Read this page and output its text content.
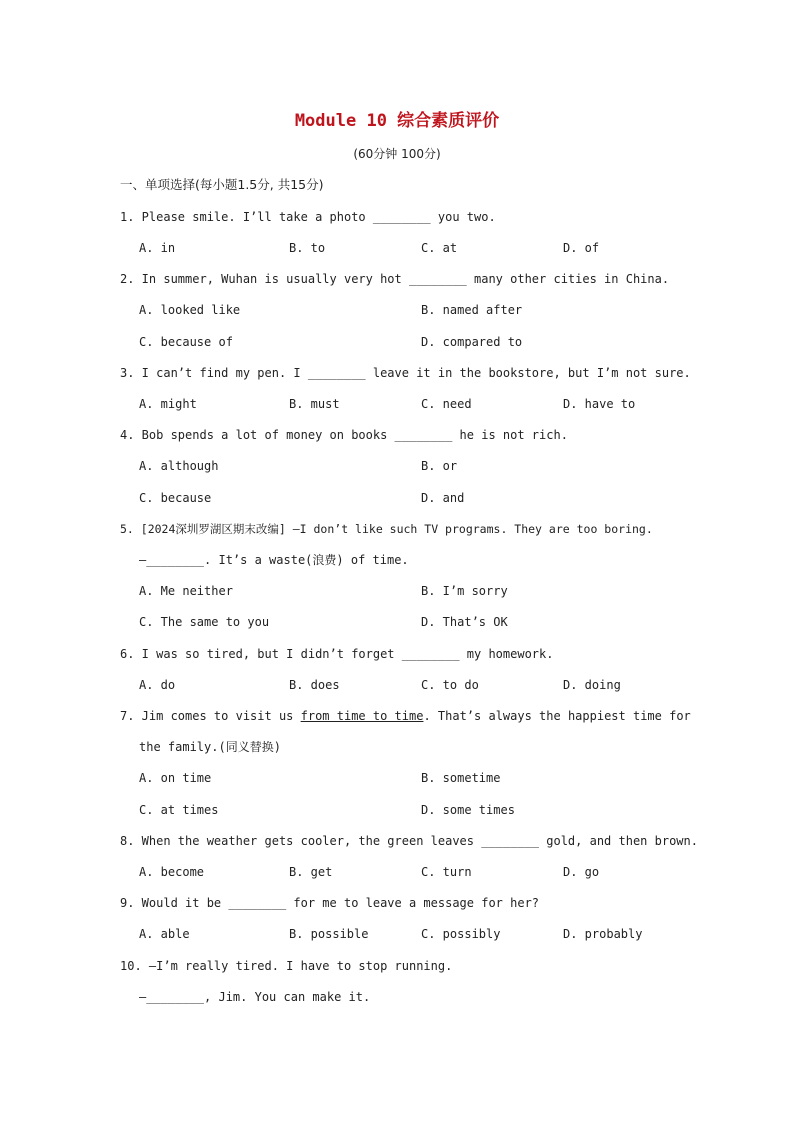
Module 10 综合素质评价
(60分钟 100分)
一、单项选择(每小题1.5分, 共15分)
1. Please smile. I’ll take a photo ________ you two.
A. in	B. to	C. at	D. of
2. In summer, Wuhan is usually very hot ________ many other cities in China.
A. looked like	B. named after
C. because of	D. compared to
3. I can’t find my pen. I ________ leave it in the bookstore, but I’m not sure.
A. might	B. must	C. need	D. have to
4. Bob spends a lot of money on books ________ he is not rich.
A. although	B. or
C. because	D. and
5. [2024深圳罗湖区期末改编] —I don’t like such TV programs. They are too boring.
—________. It’s a waste(浪费) of time.
A. Me neither	B. I’m sorry
C. The same to you	D. That’s OK
6. I was so tired, but I didn’t forget ________ my homework.
A. do	B. does	C. to do	D. doing
7. Jim comes to visit us from time to time. That’s always the happiest time for
the family.(同义替换)
A. on time	B. sometime
C. at times	D. some times
8. When the weather gets cooler, the green leaves ________ gold, and then brown.
A. become	B. get	C. turn	D. go
9. Would it be ________ for me to leave a message for her?
A. able	B. possible	C. possibly	D. probably
10. —I’m really tired. I have to stop running.
—________, Jim. You can make it.
